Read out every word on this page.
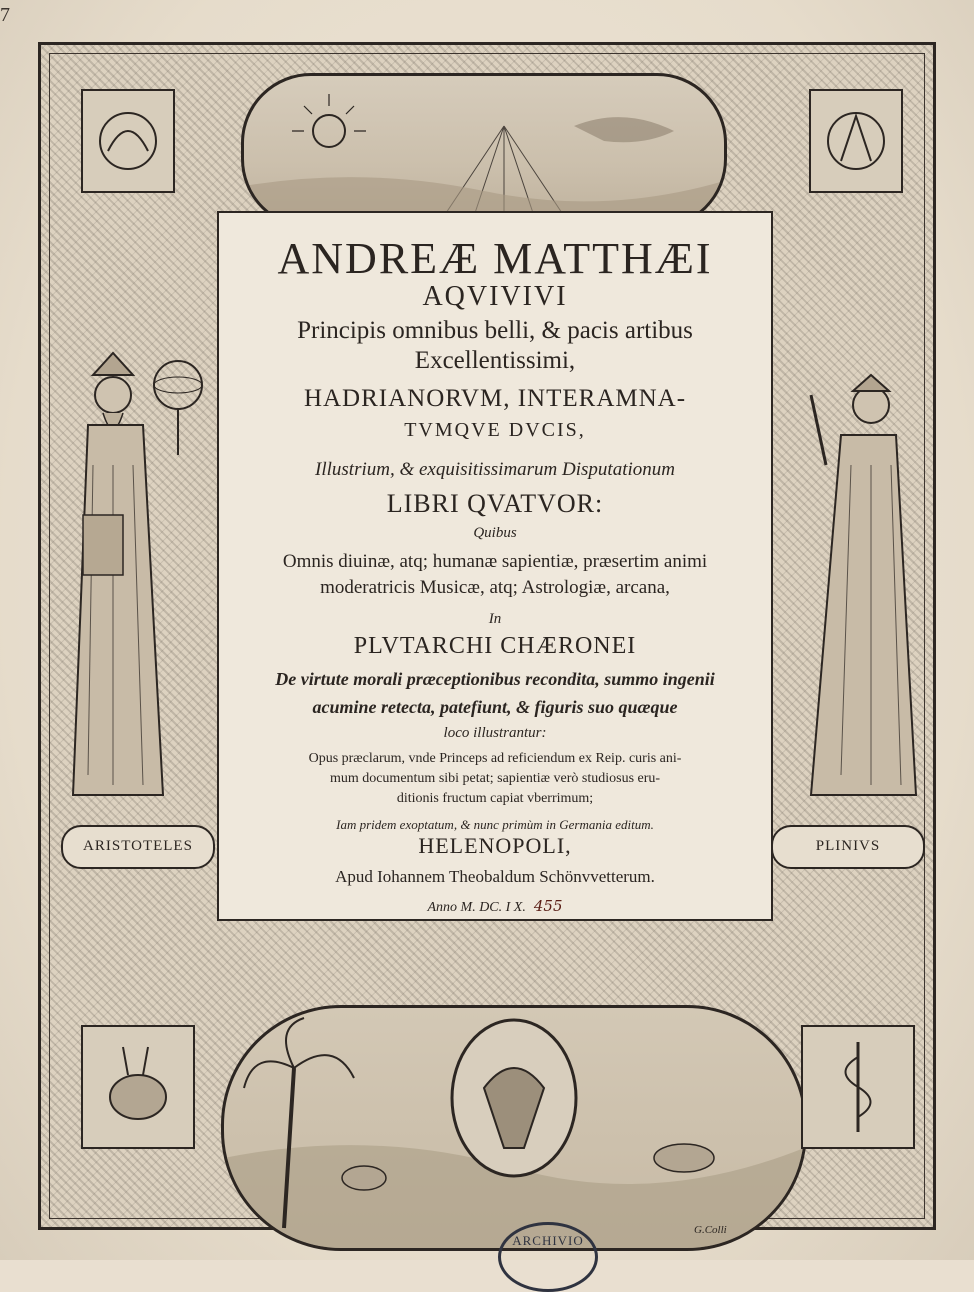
7
ARISTOTELES	PLINIVS
G.Colli
ANDREÆ MATTHÆI
AQVIVIVI
Principis omnibus belli, & pacis artibus
Excellentissimi,
HADRIANORVM, INTERAMNA-
TVMQVE DVCIS,
Illustrium, & exquisitissimarum Disputationum
LIBRI QVATVOR:
Quibus
Omnis diuinæ, atq; humanæ sapientiæ, præsertim animi
moderatricis Musicæ, atq; Astrologiæ, arcana,
In
PLVTARCHI CHÆRONEI
De virtute morali præceptionibus recondita, summo ingenii
acumine retecta, patefiunt, & figuris suo quæque
loco illustrantur:
Opus præclarum, vnde Princeps ad reficiendum ex Reip. curis ani-
mum documentum sibi petat; sapientiæ verò studiosus eru-
ditionis fructum capiat vberrimum;
Iam pridem exoptatum, & nunc primùm in Germania editum.
HELENOPOLI,
Apud Iohannem Theobaldum Schönvvetterum.
Anno M. DC. I X. 455
ARCHIVIO
